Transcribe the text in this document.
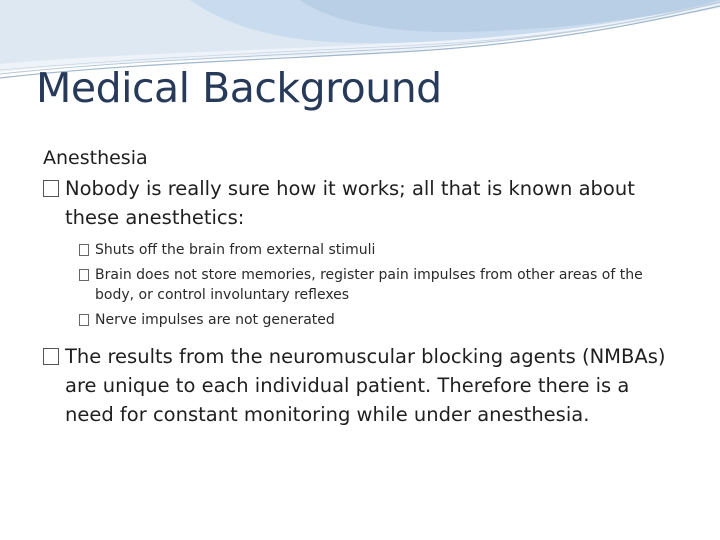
Medical Background
Anesthesia
Nobody is really sure how it works; all that is known about these anesthetics:
Shuts off the brain from external stimuli
Brain does not store memories, register pain impulses from other areas of the body, or control involuntary reflexes
Nerve impulses are not generated
The results from the neuromuscular blocking agents (NMBAs) are unique to each individual patient. Therefore there is a need for constant monitoring while under anesthesia.
